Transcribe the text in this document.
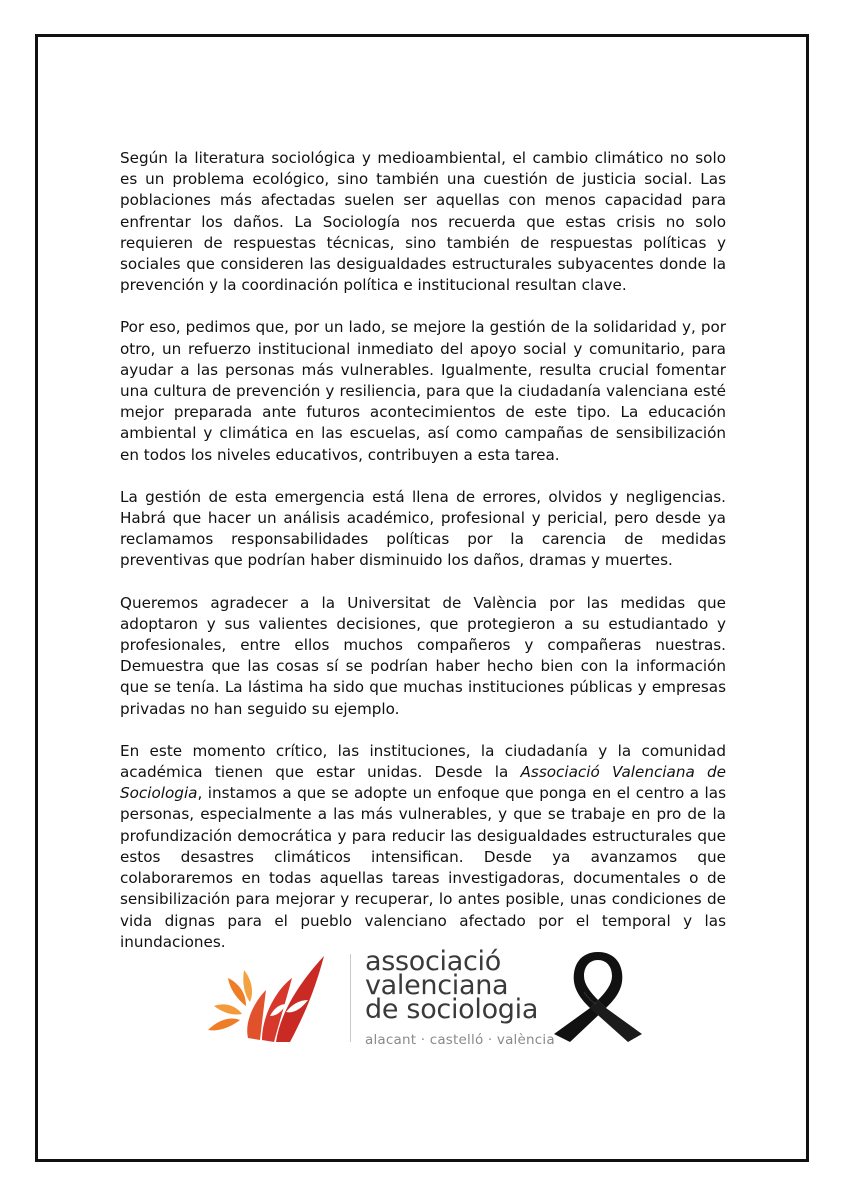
Según la literatura sociológica y medioambiental, el cambio climático no solo es un problema ecológico, sino también una cuestión de justicia social. Las poblaciones más afectadas suelen ser aquellas con menos capacidad para enfrentar los daños. La Sociología nos recuerda que estas crisis no solo requieren de respuestas técnicas, sino también de respuestas políticas y sociales que consideren las desigualdades estructurales subyacentes donde la prevención y la coordinación política e institucional resultan clave.

Por eso, pedimos que, por un lado, se mejore la gestión de la solidaridad y, por otro, un refuerzo institucional inmediato del apoyo social y comunitario, para ayudar a las personas más vulnerables. Igualmente, resulta crucial fomentar una cultura de prevención y resiliencia, para que la ciudadanía valenciana esté mejor preparada ante futuros acontecimientos de este tipo. La educación ambiental y climática en las escuelas, así como campañas de sensibilización en todos los niveles educativos, contribuyen a esta tarea.

La gestión de esta emergencia está llena de errores, olvidos y negligencias. Habrá que hacer un análisis académico, profesional y pericial, pero desde ya reclamamos responsabilidades políticas por la carencia de medidas preventivas que podrían haber disminuido los daños, dramas y muertes.

Queremos agradecer a la Universitat de València por las medidas que adoptaron y sus valientes decisiones, que protegieron a su estudiantado y profesionales, entre ellos muchos compañeros y compañeras nuestras. Demuestra que las cosas sí se podrían haber hecho bien con la información que se tenía. La lástima ha sido que muchas instituciones públicas y empresas privadas no han seguido su ejemplo.

En este momento crítico, las instituciones, la ciudadanía y la comunidad académica tienen que estar unidas. Desde la Associació Valenciana de Sociologia, instamos a que se adopte un enfoque que ponga en el centro a las personas, especialmente a las más vulnerables, y que se trabaje en pro de la profundización democrática y para reducir las desigualdades estructurales que estos desastres climáticos intensifican. Desde ya avanzamos que colaboraremos en todas aquellas tareas investigadoras, documentales o de sensibilización para mejorar y recuperar, lo antes posible, unas condiciones de vida dignas para el pueblo valenciano afectado por el temporal y las inundaciones.

associació
valenciana
de sociologia
alacant · castelló · valència
